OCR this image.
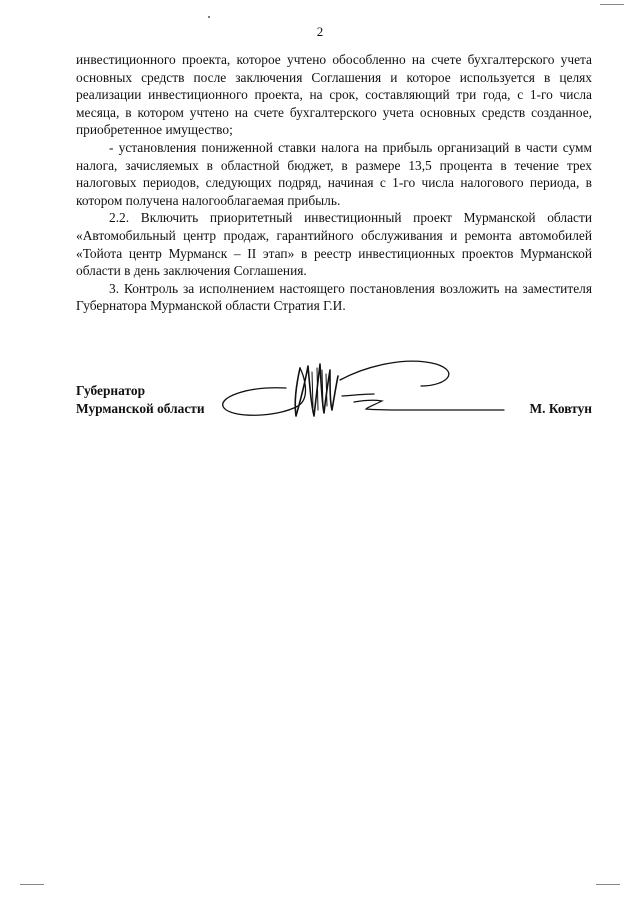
2

инвестиционного проекта, которое учтено обособленно на счете бухгалтерского учета основных средств после заключения Соглашения и которое используется в целях реализации инвестиционного проекта, на срок, составляющий три года, с 1-го числа месяца, в котором учтено на счете бухгалтерского учета основных средств созданное, приобретенное имущество;

- установления пониженной ставки налога на прибыль организаций в части сумм налога, зачисляемых в областной бюджет, в размере 13,5 процента в течение трех налоговых периодов, следующих подряд, начиная с 1-го числа налогового периода, в котором получена налогооблагаемая прибыль.

2.2. Включить приоритетный инвестиционный проект Мурманской области «Автомобильный центр продаж, гарантийного обслуживания и ремонта автомобилей «Тойота центр Мурманск – II этап» в реестр инвестиционных проектов Мурманской области в день заключения Соглашения.

3. Контроль за исполнением настоящего постановления возложить на заместителя Губернатора Мурманской области Стратия Г.И.

Губернатор
Мурманской области	М. Ковтун
